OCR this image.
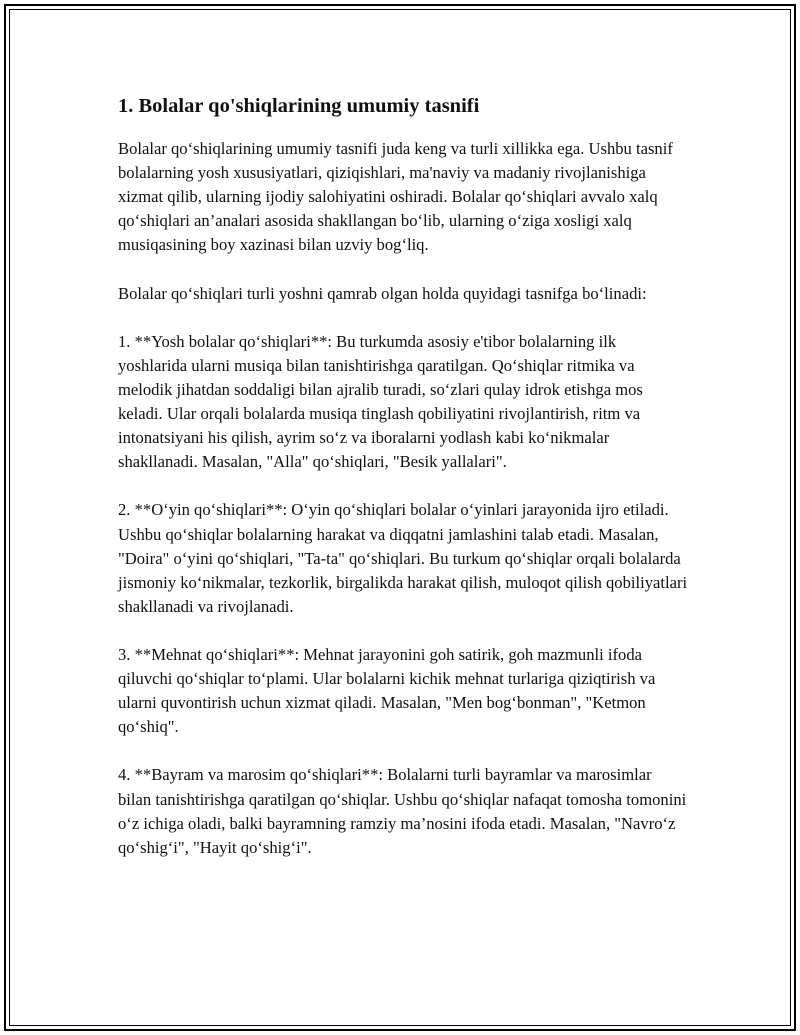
1. Bolalar qo'shiqlarining umumiy tasnifi

Bolalar qo‘shiqlarining umumiy tasnifi juda keng va turli xillikka ega. Ushbu tasnif bolalarning yosh xususiyatlari, qiziqishlari, ma'naviy va madaniy rivojlanishiga xizmat qilib, ularning ijodiy salohiyatini oshiradi. Bolalar qo‘shiqlari avvalo xalq qo‘shiqlari an’analari asosida shakllangan bo‘lib, ularning o‘ziga xosligi xalq musiqasining boy xazinasi bilan uzviy bog‘liq.

Bolalar qo‘shiqlari turli yoshni qamrab olgan holda quyidagi tasnifga bo‘linadi:

1. **Yosh bolalar qo‘shiqlari**: Bu turkumda asosiy e'tibor bolalarning ilk yoshlarida ularni musiqa bilan tanishtirishga qaratilgan. Qo‘shiqlar ritmika va melodik jihatdan soddaligi bilan ajralib turadi, so‘zlari qulay idrok etishga mos keladi. Ular orqali bolalarda musiqa tinglash qobiliyatini rivojlantirish, ritm va intonatsiyani his qilish, ayrim so‘z va iboralarni yodlash kabi ko‘nikmalar shakllanadi. Masalan, "Alla" qo‘shiqlari, "Besik yallalari".

2. **O‘yin qo‘shiqlari**: O‘yin qo‘shiqlari bolalar o‘yinlari jarayonida ijro etiladi. Ushbu qo‘shiqlar bolalarning harakat va diqqatni jamlashini talab etadi. Masalan, "Doira" o‘yini qo‘shiqlari, "Ta-ta" qo‘shiqlari. Bu turkum qo‘shiqlar orqali bolalarda jismoniy ko‘nikmalar, tezkorlik, birgalikda harakat qilish, muloqot qilish qobiliyatlari shakllanadi va rivojlanadi.

3. **Mehnat qo‘shiqlari**: Mehnat jarayonini goh satirik, goh mazmunli ifoda qiluvchi qo‘shiqlar to‘plami. Ular bolalarni kichik mehnat turlariga qiziqtirish va ularni quvontirish uchun xizmat qiladi. Masalan, "Men bog‘bonman", "Ketmon qo‘shiq".

4. **Bayram va marosim qo‘shiqlari**: Bolalarni turli bayramlar va marosimlar bilan tanishtirishga qaratilgan qo‘shiqlar. Ushbu qo‘shiqlar nafaqat tomosha tomonini o‘z ichiga oladi, balki bayramning ramziy ma’nosini ifoda etadi. Masalan, "Navro‘z qo‘shig‘i", "Hayit qo‘shig‘i".
